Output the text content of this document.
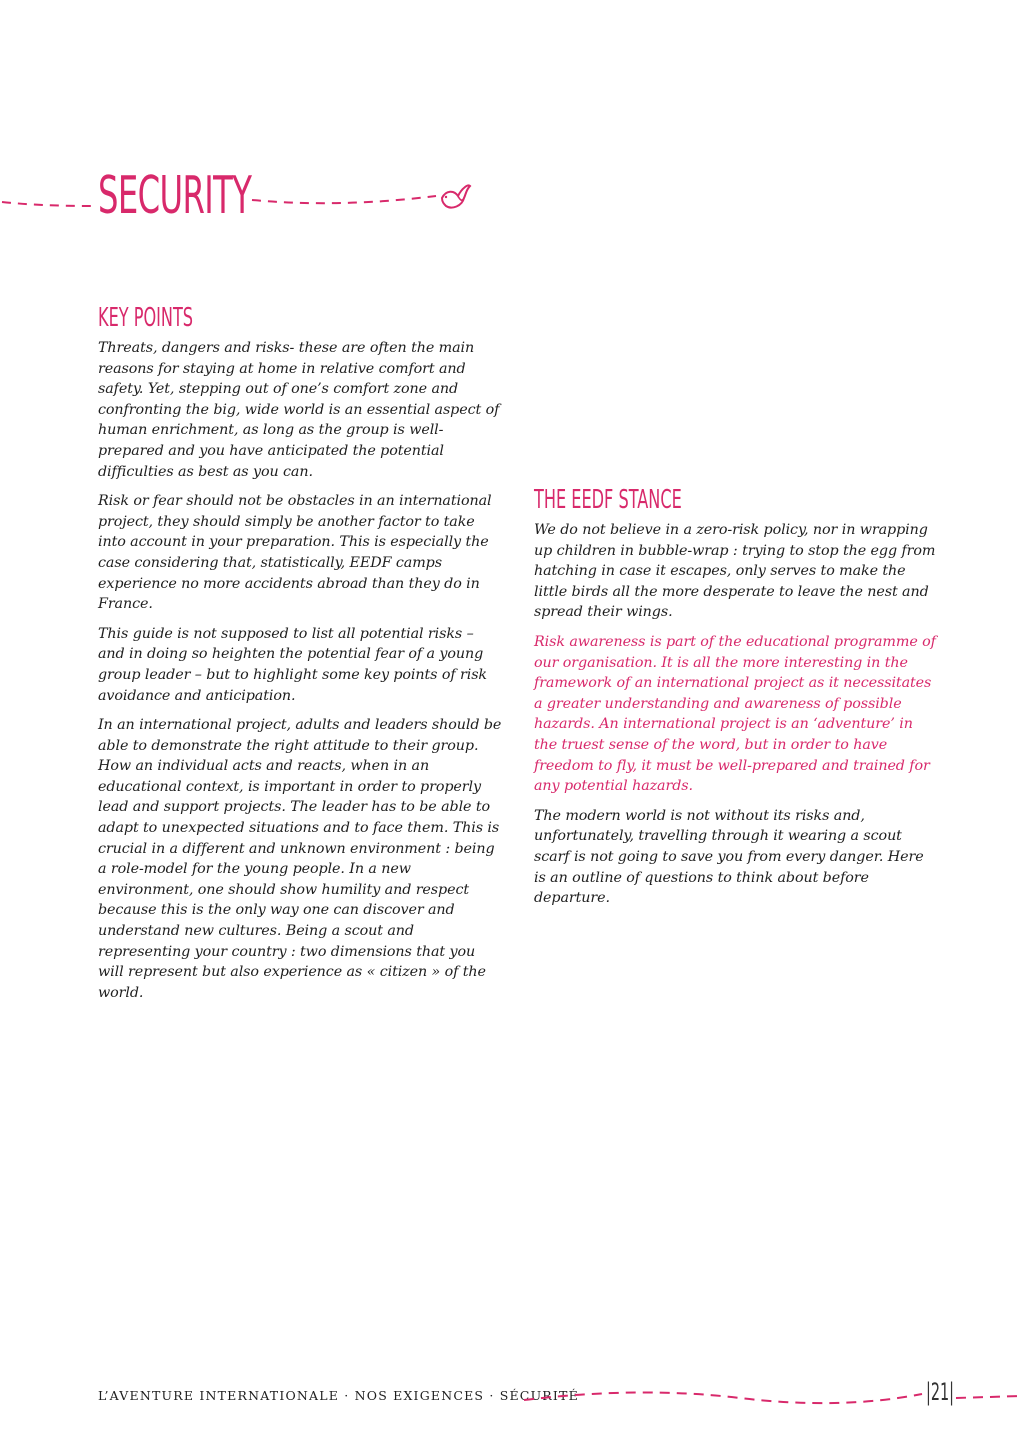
SECURITY
KEY POINTS

Threats, dangers and risks- these are often the main reasons for staying at home in relative comfort and safety. Yet, stepping out of one’s comfort zone and confronting the big, wide world is an essential aspect of human enrichment, as long as the group is well-prepared and you have anticipated the potential difficulties as best as you can.

Risk or fear should not be obstacles in an international project, they should simply be another factor to take into account in your preparation. This is especially the case considering that, statistically, EEDF camps experience no more accidents abroad than they do in France.

This guide is not supposed to list all potential risks – and in doing so heighten the potential fear of a young group leader – but to highlight some key points of risk avoidance and anticipation.

In an international project, adults and leaders should be able to demonstrate the right attitude to their group. How an individual acts and reacts, when in an educational context, is important in order to properly lead and support projects. The leader has to be able to adapt to unexpected situations and to face them. This is crucial in a different and unknown environment : being a role-model for the young people. In a new environment, one should show humility and respect because this is the only way one can discover and understand new cultures. Being a scout and representing your country : two dimensions that you will represent but also experience as « citizen » of the world.

THE EEDF STANCE

We do not believe in a zero-risk policy, nor in wrapping up children in bubble-wrap : trying to stop the egg from hatching in case it escapes, only serves to make the little birds all the more desperate to leave the nest and spread their wings.

Risk awareness is part of the educational programme of our organisation. It is all the more interesting in the framework of an international project as it necessitates a greater understanding and awareness of possible hazards. An international project is an ‘adventure’ in the truest sense of the word, but in order to have freedom to fly, it must be well-prepared and trained for any potential hazards.

The modern world is not without its risks and, unfortunately, travelling through it wearing a scout scarf is not going to save you from every danger. Here is an outline of questions to think about before departure.

L’AVENTURE INTERNATIONALE · NOS EXIGENCES · SÉCURITÉ	|21|
